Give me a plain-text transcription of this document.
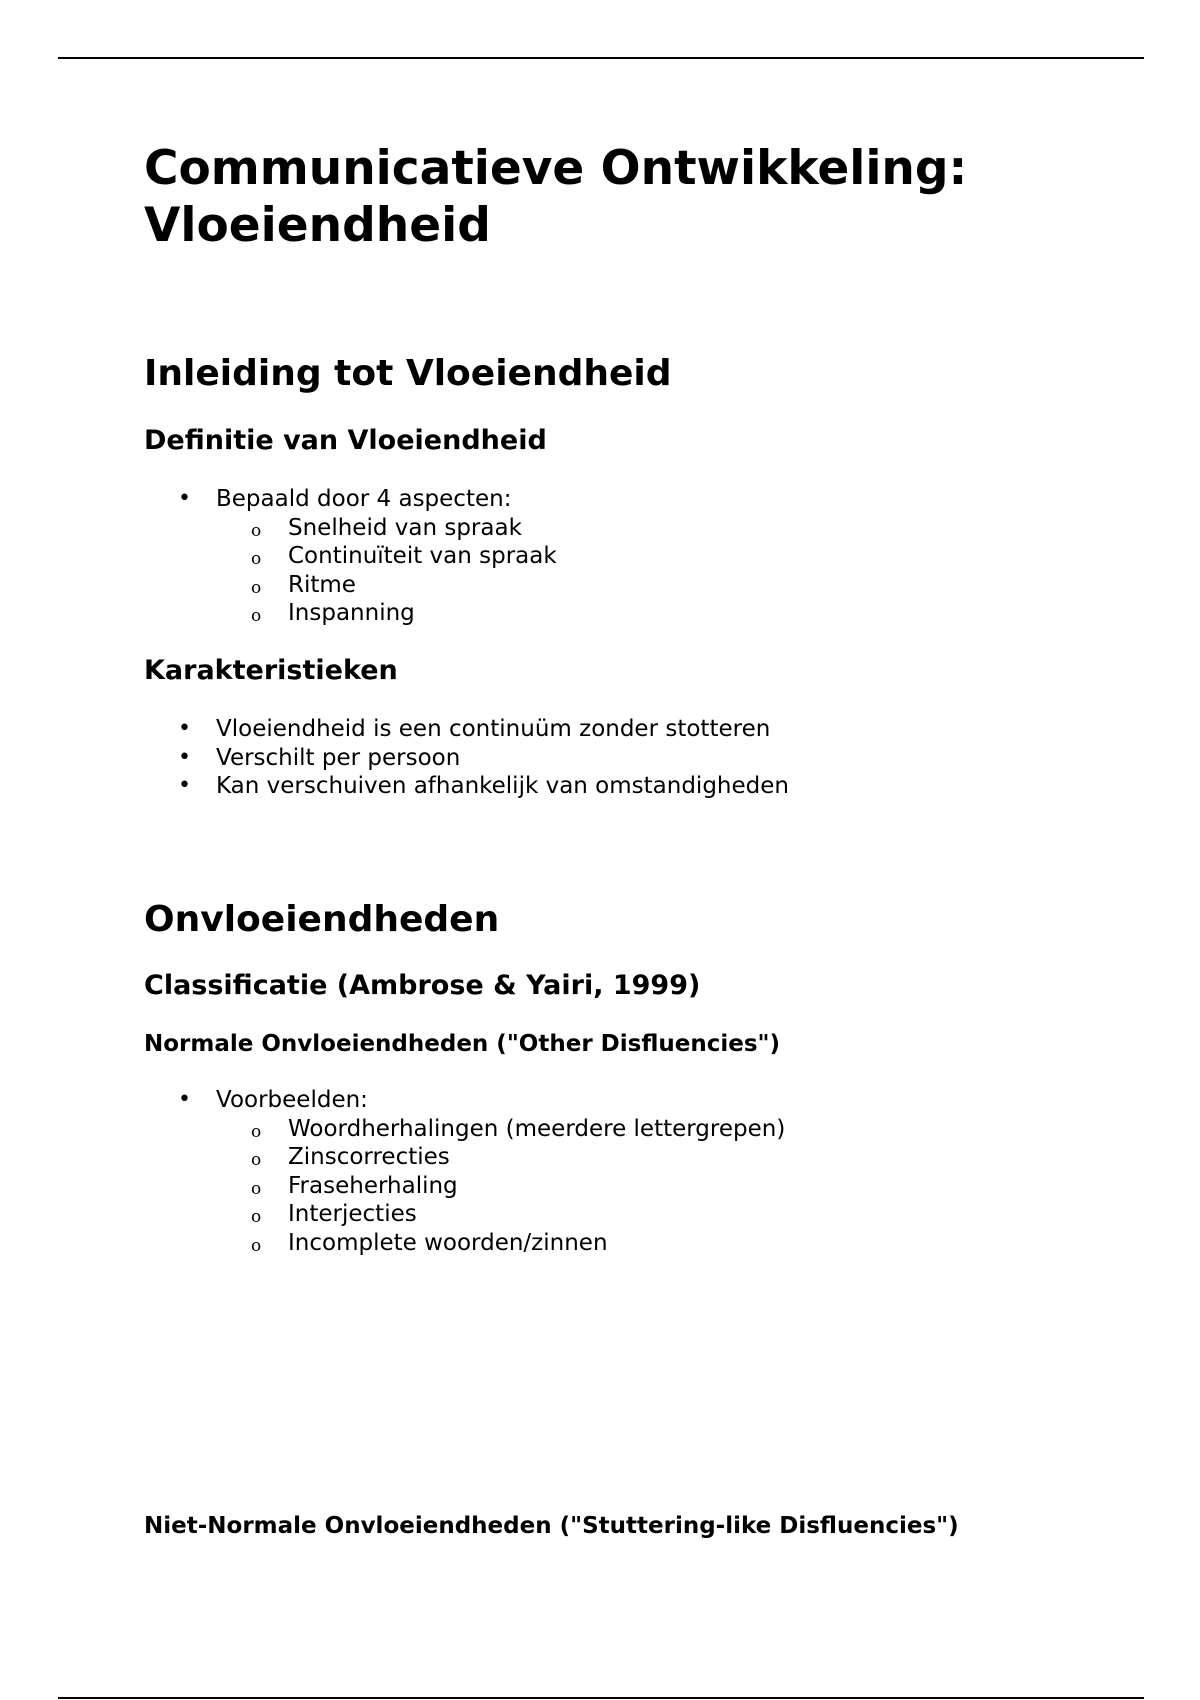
Communicatieve Ontwikkeling: Vloeiendheid
Inleiding tot Vloeiendheid
Definitie van Vloeiendheid
• Bepaald door 4 aspecten:
o Snelheid van spraak
o Continuïteit van spraak
o Ritme
o Inspanning
Karakteristieken
• Vloeiendheid is een continuüm zonder stotteren
• Verschilt per persoon
• Kan verschuiven afhankelijk van omstandigheden
Onvloeiendheden
Classificatie (Ambrose & Yairi, 1999)
Normale Onvloeiendheden ("Other Disfluencies")
• Voorbeelden:
o Woordherhalingen (meerdere lettergrepen)
o Zinscorrecties
o Fraseherhaling
o Interjecties
o Incomplete woorden/zinnen
Niet-Normale Onvloeiendheden ("Stuttering-like Disfluencies")
